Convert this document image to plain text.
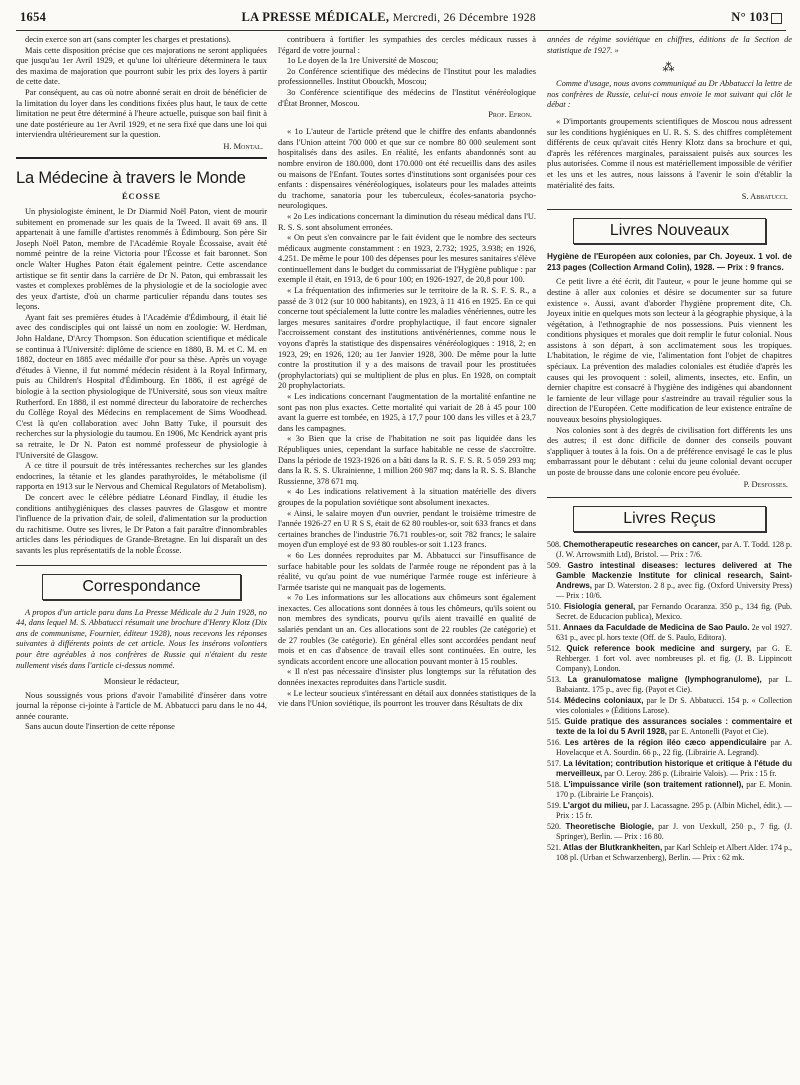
1654	LA PRESSE MÉDICALE, Mercredi, 26 Décembre 1928	N° 103

decin exerce son art (sans compter les charges et prestations).

Mais cette disposition précise que ces majorations ne seront appliquées que jusqu'au 1er Avril 1929, et qu'une loi ultérieure déterminera le taux des maxima de majoration que pourront subir les prix des loyers à partir de cette date.

Par conséquent, au cas où notre abonné serait en droit de bénéficier de la limitation du loyer dans les conditions fixées plus haut, le taux de cette limitation ne peut être déterminé à l'heure actuelle, puisque son bail finit à une date postérieure au 1er Avril 1929, et ne sera fixé que dans une loi qui interviendra ultérieurement sur la question.

H. Montal.
La Médecine à travers le Monde
ÉCOSSE

Un physiologiste éminent, le Dr Diarmid Noël Paton, vient de mourir subitement en promenade sur les quais de la Tweed. Il avait 69 ans. Il appartenait à une famille d'artistes renommés à Édimbourg. Son père Sir Joseph Noël Paton, membre de l'Académie Royale Écossaise, avait été nommé peintre de la reine Victoria pour l'Écosse et fait baronnet. Son oncle Walter Hughes Paton était également peintre. Cette ascendance artistique se fit sentir dans la carrière de Dr N. Paton, qui embrassait les vastes et complexes problèmes de la physiologie et de la sociologie avec des yeux d'artiste, d'où un charme particulier répandu dans toutes ses leçons.

Ayant fait ses premières études à l'Académie d'Édimbourg, il était lié avec des condisciples qui ont laissé un nom en zoologie: W. Herdman, John Haldane, D'Arcy Thompson. Son éducation scientifique et médicale se continua à l'Université: diplôme de science en 1880, B. M. et C. M. en 1882, docteur en 1885 avec médaille d'or pour sa thèse. Après un voyage d'études à Vienne, il fut nommé médecin résident à la Royal Infirmary, puis au Children's Hospital d'Édimbourg. En 1886, il est agrégé de biologie à la section physiologique de l'Université, sous son vieux maître Rutherford. En 1888, il est nommé directeur du laboratoire de recherches du Collège Royal des Médecins en remplacement de Sims Woodhead. C'est là qu'en collaboration avec John Batty Tuke, il poursuit des recherches sur la physiologie du taumou. En 1906, Mc Kendrick ayant pris sa retraite, le Dr N. Paton est nommé professeur de physiologie à l'Université de Glasgow.

A ce titre il poursuit de très intéressantes recherches sur les glandes endocrines, la tétanie et les glandes parathyroïdes, le métabolisme (il rapporta en 1913 sur le Nervous and Chemical Regulators of Metabolism).

De concert avec le célèbre pédiatre Léonard Findlay, il étudie les conditions antihygiéniques des classes pauvres de Glasgow et montre l'influence de la privation d'air, de soleil, d'alimentation sur la production du rachitisme. Outre ses livres, le Dr Paton a fait paraître d'innombrables articles dans les périodiques de Grande-Bretagne. En lui disparaît un des savants les plus représentatifs de la noble Écosse.

Correspondance

A propos d'un article paru dans La Presse Médicale du 2 Juin 1928, no 44, dans lequel M. S. Abbatucci résumait une brochure d'Henry Klotz (Dix ans de communisme, Fournier, éditeur 1928), nous recevons les réponses suivantes à différents points de cet article. Nous les insérons volontiers pour être agréables à nos confrères de Russie qui n'étaient du reste nullement visés dans l'article ci-dessus nommé.

Monsieur le rédacteur,

Nous soussignés vous prions d'avoir l'amabilité d'insérer dans votre journal la réponse ci-jointe à l'article de M. Abbatucci paru dans le no 44, année courante.

Sans aucun doute l'insertion de cette réponse

contribuera à fortifier les sympathies des cercles médicaux russes à l'égard de votre journal :

1o Le doyen de la 1re Université de Moscou;

2o Conférence scientifique des médecins de l'Institut pour les maladies professionnelles. Institut Obouckh, Moscou;

3o Conférence scientifique des médecins de l'Institut vénéréologique d'État Bronner, Moscou.

Prof. Efron.

« 1o L'auteur de l'article prétend que le chiffre des enfants abandonnés dans l'Union atteint 700 000 et que sur ce nombre 80 000 seulement sont hospitalisés dans des asiles. En réalité, les enfants abandonnés sont au nombre environ de 180.000, dont 170.000 ont été recueillis dans des asiles ou maisons de l'Enfant. Toutes sortes d'institutions sont organisées pour ces enfants : dispensaires vénéréologiques, isolateurs pour les malades atteints du trachome, sanatoria pour les tuberculeux, écoles-sanatoria psycho-neurologiques.

« 2o Les indications concernant la diminution du réseau médical dans l'U. R. S. S. sont absolument erronées.

« On peut s'en convaincre par le fait évident que le nombre des secteurs médicaux augmente constamment : en 1923, 2.732; 1925, 3.938; en 1926, 4.251. De même le pour 100 des dépenses pour les mesures sanitaires s'élève continuellement dans le budget du commissariat de l'Hygiène publique : par exemple il était, en 1913, de 6 pour 100; en 1926-1927, de 20,8 pour 100.

« La fréquentation des infirmeries sur le territoire de la R. S. F. S. R., a passé de 3 012 (sur 10 000 habitants), en 1923, à 11 416 en 1925. En ce qui concerne tout spécialement la lutte contre les maladies vénériennes, outre les larges mesures sanitaires d'ordre prophylactique, il faut encore signaler l'accroissement constant des institutions antivénériennes, comme nous le voyons d'après la statistique des dispensaires vénéréologiques : 1918, 2; en 1923, 29; en 1926, 120; au 1er Janvier 1928, 300. De même pour la lutte contre la prostitution il y a des maisons de travail pour les prostituées (prophylactoriats) qui se multiplient de plus en plus. En 1928, on comptait 20 prophylactoriats.

« Les indications concernant l'augmentation de la mortalité enfantine ne sont pas non plus exactes. Cette mortalité qui variait de 28 à 45 pour 100 avant la guerre est tombée, en 1925, à 17,7 pour 100 dans les villes et à 23,7 dans les campagnes.

« 3o Bien que la crise de l'habitation ne soit pas liquidée dans les Républiques unies, cependant la surface habitable ne cesse de s'accroître. Dans la période de 1923-1926 on a bâti dans la R. S. F. S. R. 5 059 293 mq; dans la R. S. S. Ukrainienne, 1 million 260 987 mq; dans la R. S. S. Blanche Russienne, 378 671 mq.

« 4o Les indications relativement à la situation matérielle des divers groupes de la population soviétique sont absolument inexactes.

« Ainsi, le salaire moyen d'un ouvrier, pendant le troisième trimestre de l'année 1926-27 en U R S S, était de 62 80 roubles-or, soit 633 francs et dans certaines branches de l'industrie 76.71 roubles-or, soit 782 francs; le salaire moyen d'un employé est de 93 80 roubles-or soit 1.123 francs.

« 6o Les données reproduites par M. Abbatucci sur l'insuffisance de surface habitable pour les soldats de l'armée rouge ne répondent pas à la réalité, vu qu'au point de vue numérique l'armée rouge est inférieure à l'armée tsariste qui ne manquait pas de logements.

« 7o Les informations sur les allocations aux chômeurs sont également inexactes. Ces allocations sont données à tous les chômeurs, qu'ils soient ou non membres des syndicats, pourvu qu'ils aient travaillé en qualité de salariés pendant un an. Ces allocations sont de 22 roubles (2e catégorie) et de 27 roubles (3e catégorie). En général elles sont accordées pendant neuf mois et en cas d'absence de travail elles sont continuées. En outre, les syndicats accordent encore une allocation pouvant monter à 15 roubles.

« Il n'est pas nécessaire d'insister plus longtemps sur la réfutation des données inexactes reproduites dans l'article susdit.

« Le lecteur soucieux s'intéressant en détail aux données statistiques de la vie dans l'Union soviétique, ils pourront les trouver dans Résultats de dix

années de régime soviétique en chiffres, éditions de la Section de statistique de 1927. »

⁂

Comme d'usage, nous avons communiqué au Dr Abbatucci la lettre de nos confrères de Russie, celui-ci nous envoie le mot suivant qui clôt le débat :

« D'importants groupements scientifiques de Moscou nous adressent sur les conditions hygiéniques en U. R. S. S. des chiffres complètement différents de ceux qu'avait cités Henry Klotz dans sa brochure et qui, d'après les références marginales, paraissaient puisés aux sources les plus autorisées. Comme il nous est matériellement impossible de vérifier et les uns et les autres, nous laissons à l'avenir le soin d'établir la matérialité des faits.

S. Abbatucci.
Livres Nouveaux

Hygiène de l'Européen aux colonies, par Ch. Joyeux. 1 vol. de 213 pages (Collection Armand Colin), 1928. — Prix : 9 francs.

Ce petit livre a été écrit, dit l'auteur, « pour le jeune homme qui se destine à aller aux colonies et désire se documenter sur sa future existence ». Aussi, avant d'aborder l'hygiène proprement dite, Ch. Joyeux initie en quelques mots son lecteur à la géographie physique, à la végétation, à l'ethnographie de nos possessions. Puis viennent les conditions physiques et morales que doit remplir le futur colonial. Nous assistons à son départ, à son acclimatement sous les tropiques. L'habitation, le régime de vie, l'alimentation font l'objet de chapitres spéciaux. La prévention des maladies coloniales est étudiée d'après les causes qui les provoquent : soleil, aliments, insectes, etc. Enfin, un dernier chapitre est consacré à l'hygiène des indigènes qui abandonnent le farniente de leur village pour s'astreindre au travail régulier sous la direction de l'Européen. Cette modification de leur existence entraîne de nouveaux besoins physiologiques.

Nos colonies sont à des degrés de civilisation fort différents les uns des autres; il est donc difficile de donner des conseils pouvant s'appliquer à toutes à la fois. On a de préférence envisagé le cas le plus embarrassant pour le débutant : celui du jeune colonial devant occuper un poste de brousse dans une colonie encore peu évoluée.

P. Desfosses.
Livres Reçus

508. Chemotherapeutic researches on cancer, par A. T. Todd. 128 p. (J. W. Arrowsmith Ltd), Bristol. — Prix : 7/6.

509. Gastro intestinal diseases: lectures delivered at The Gamble Mackenzie Institute for clinical research, Saint-Andrews, par D. Waterston. 2 8 p., avec fig. (Oxford University Press) — Prix : 10/6.

510. Fisiologia general, par Fernando Ocaranza. 350 p., 134 fig. (Pub. Secret. de Educacion publica), Mexico.

511. Annaes da Faculdade de Medicina de Sao Paulo. 2e vol 1927. 631 p., avec pl. hors texte (Off. de S. Paulo, Editora).

512. Quick reference book medicine and surgery, par G. E. Rehberger. 1 fort vol. avec nombreuses pl. et fig. (J. B. Lippincott Company), London.

513. La granulomatose maligne (lymphogranulome), par L. Babaiantz. 175 p., avec fig. (Payot et Cie).

514. Médecins coloniaux, par le Dr S. Abbatucci. 154 p. « Collection vies coloniales » (Éditions Larose).

515. Guide pratique des assurances sociales : commentaire et texte de la loi du 5 Avril 1928, par E. Antonelli (Payot et Cie).

516. Les artères de la région iléo cæco appendiculaire par A. Hovelacque et A. Sourdin. 66 p., 22 fig. (Librairie A. Legrand).

517. La lévitation; contribution historique et critique à l'étude du merveilleux, par O. Leroy. 286 p. (Librairie Valois). — Prix : 15 fr.

518. L'impuissance virile (son traitement rationnel), par E. Monin. 170 p. (Librairie Le François).

519. L'argot du milieu, par J. Lacassagne. 295 p. (Albin Michel, édit.). — Prix : 15 fr.

520. Theoretische Biologie, par J. von Uexkull, 250 p., 7 fig. (J. Springer), Berlin. — Prix : 16 80.

521. Atlas der Blutkrankheiten, par Karl Schleip et Albert Alder. 174 p., 108 pl. (Urban et Schwarzenberg), Berlin. — Prix : 62 mk.
